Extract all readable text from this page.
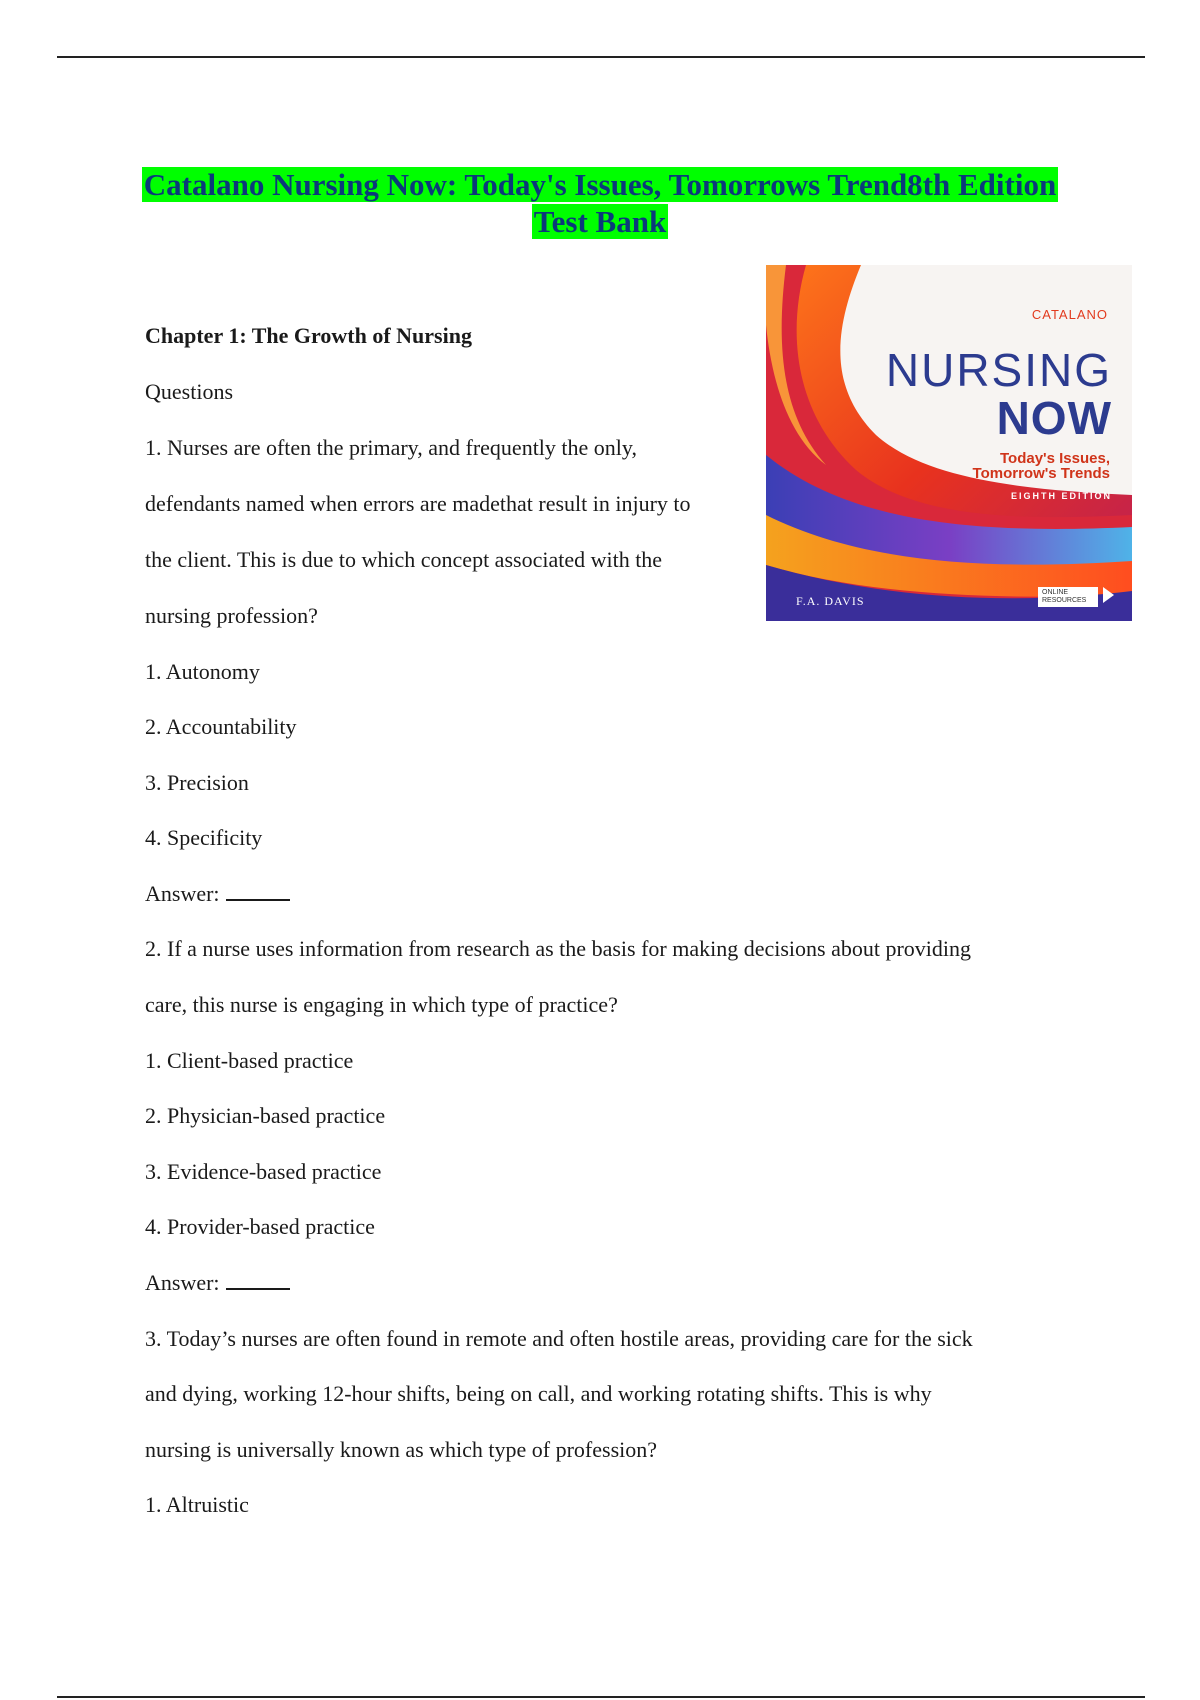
Catalano Nursing Now: Today's Issues, Tomorrows Trend8th Edition
Test Bank
CATALANO
NURSING
NOW
Today's Issues,
Tomorrow's Trends
EIGHTH EDITION
F.A. DAVIS
ONLINE RESOURCES
Chapter 1: The Growth of Nursing
Questions
1. Nurses are often the primary, and frequently the only,
defendants named when errors are madethat result in injury to
the client. This is due to which concept associated with the
nursing profession?
1. Autonomy
2. Accountability
3. Precision
4. Specificity
Answer:
2. If a nurse uses information from research as the basis for making decisions about providing
care, this nurse is engaging in which type of practice?
1. Client-based practice
2. Physician-based practice
3. Evidence-based practice
4. Provider-based practice
Answer:
3. Today’s nurses are often found in remote and often hostile areas, providing care for the sick
and dying, working 12-hour shifts, being on call, and working rotating shifts. This is why
nursing is universally known as which type of profession?
1. Altruistic
